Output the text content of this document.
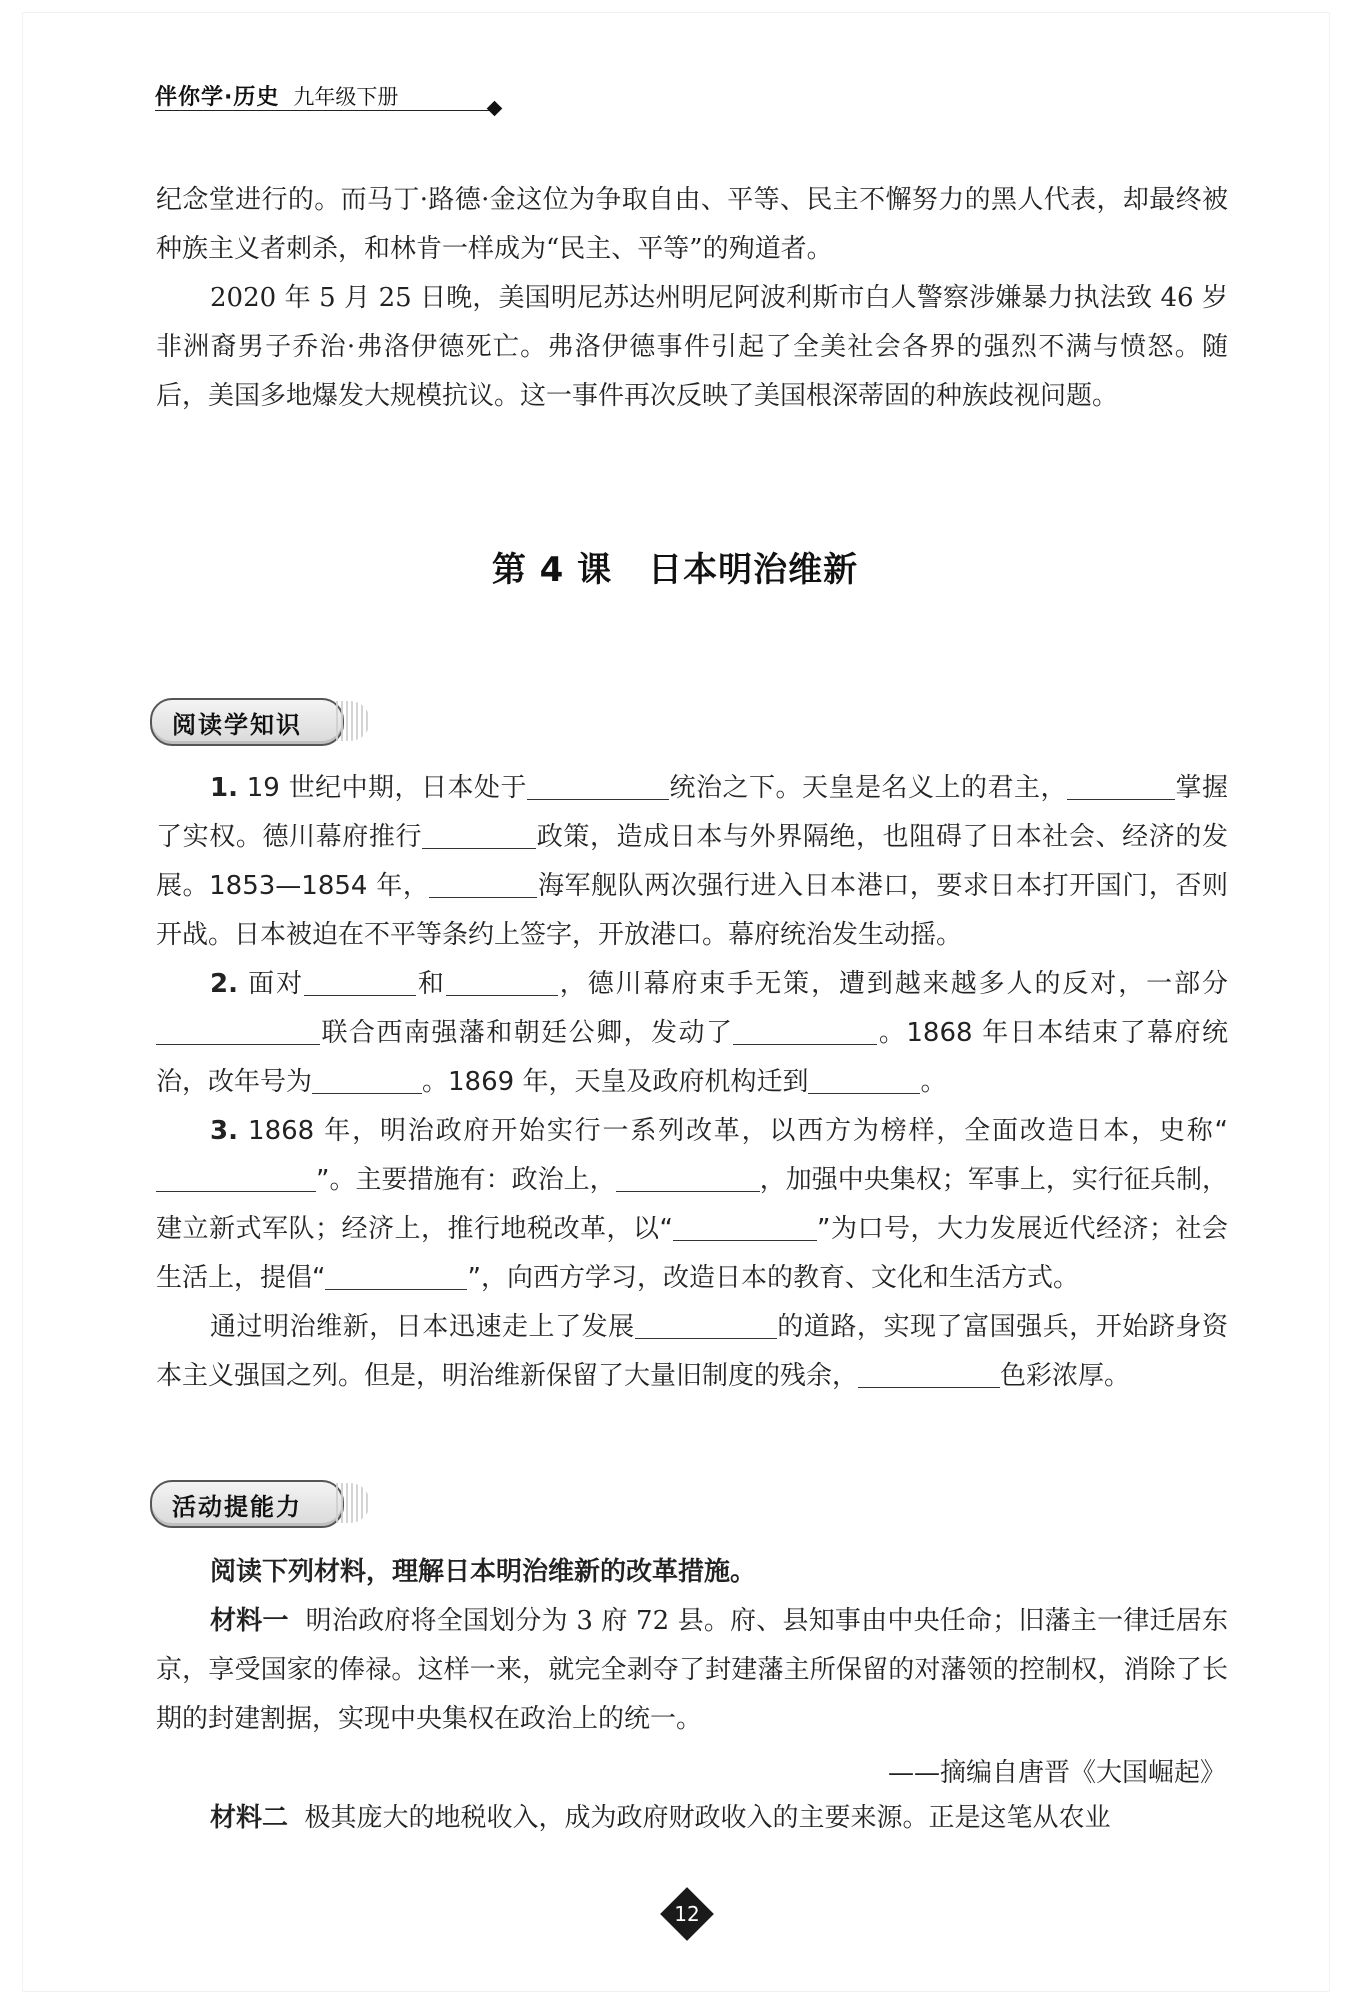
伴你学·历史 九年级下册

纪念堂进行的。而马丁·路德·金这位为争取自由、平等、民主不懈努力的黑人代表，却最终被种族主义者刺杀，和林肯一样成为“民主、平等”的殉道者。

2020 年 5 月 25 日晚，美国明尼苏达州明尼阿波利斯市白人警察涉嫌暴力执法致 46 岁非洲裔男子乔治·弗洛伊德死亡。弗洛伊德事件引起了全美社会各界的强烈不满与愤怒。随后，美国多地爆发大规模抗议。这一事件再次反映了美国根深蒂固的种族歧视问题。

第 4 课 日本明治维新
阅读学知识

1. 19 世纪中期，日本处于	统治之下。天皇是名义上的君主，	掌握了实权。德川幕府推行	政策，造成日本与外界隔绝，也阻碍了日本社会、经济的发展。1853—1854 年，	海军舰队两次强行进入日本港口，要求日本打开国门，否则开战。日本被迫在不平等条约上签字，开放港口。幕府统治发生动摇。

2. 面对	和	，德川幕府束手无策，遭到越来越多人的反对，一部分联合西南强藩和朝廷公卿，发动了	。1868 年日本结束了幕府统治，改年号为	。1869 年，天皇及政府机构迁到	。

3. 1868 年，明治政府开始实行一系列改革，以西方为榜样，全面改造日本，史称“”。主要措施有：政治上，	，加强中央集权；军事上，实行征兵制，建立新式军队；经济上，推行地税改革，以“	”为口号，大力发展近代经济；社会生活上，提倡“	”，向西方学习，改造日本的教育、文化和生活方式。

通过明治维新，日本迅速走上了发展	的道路，实现了富国强兵，开始跻身资本主义强国之列。但是，明治维新保留了大量旧制度的残余，	色彩浓厚。

活动提能力

阅读下列材料，理解日本明治维新的改革措施。

材料一 明治政府将全国划分为 3 府 72 县。府、县知事由中央任命；旧藩主一律迁居东京，享受国家的俸禄。这样一来，就完全剥夺了封建藩主所保留的对藩领的控制权，消除了长期的封建割据，实现中央集权在政治上的统一。

——摘编自唐晋《大国崛起》

材料二 极其庞大的地税收入，成为政府财政收入的主要来源。正是这笔从农业

12
